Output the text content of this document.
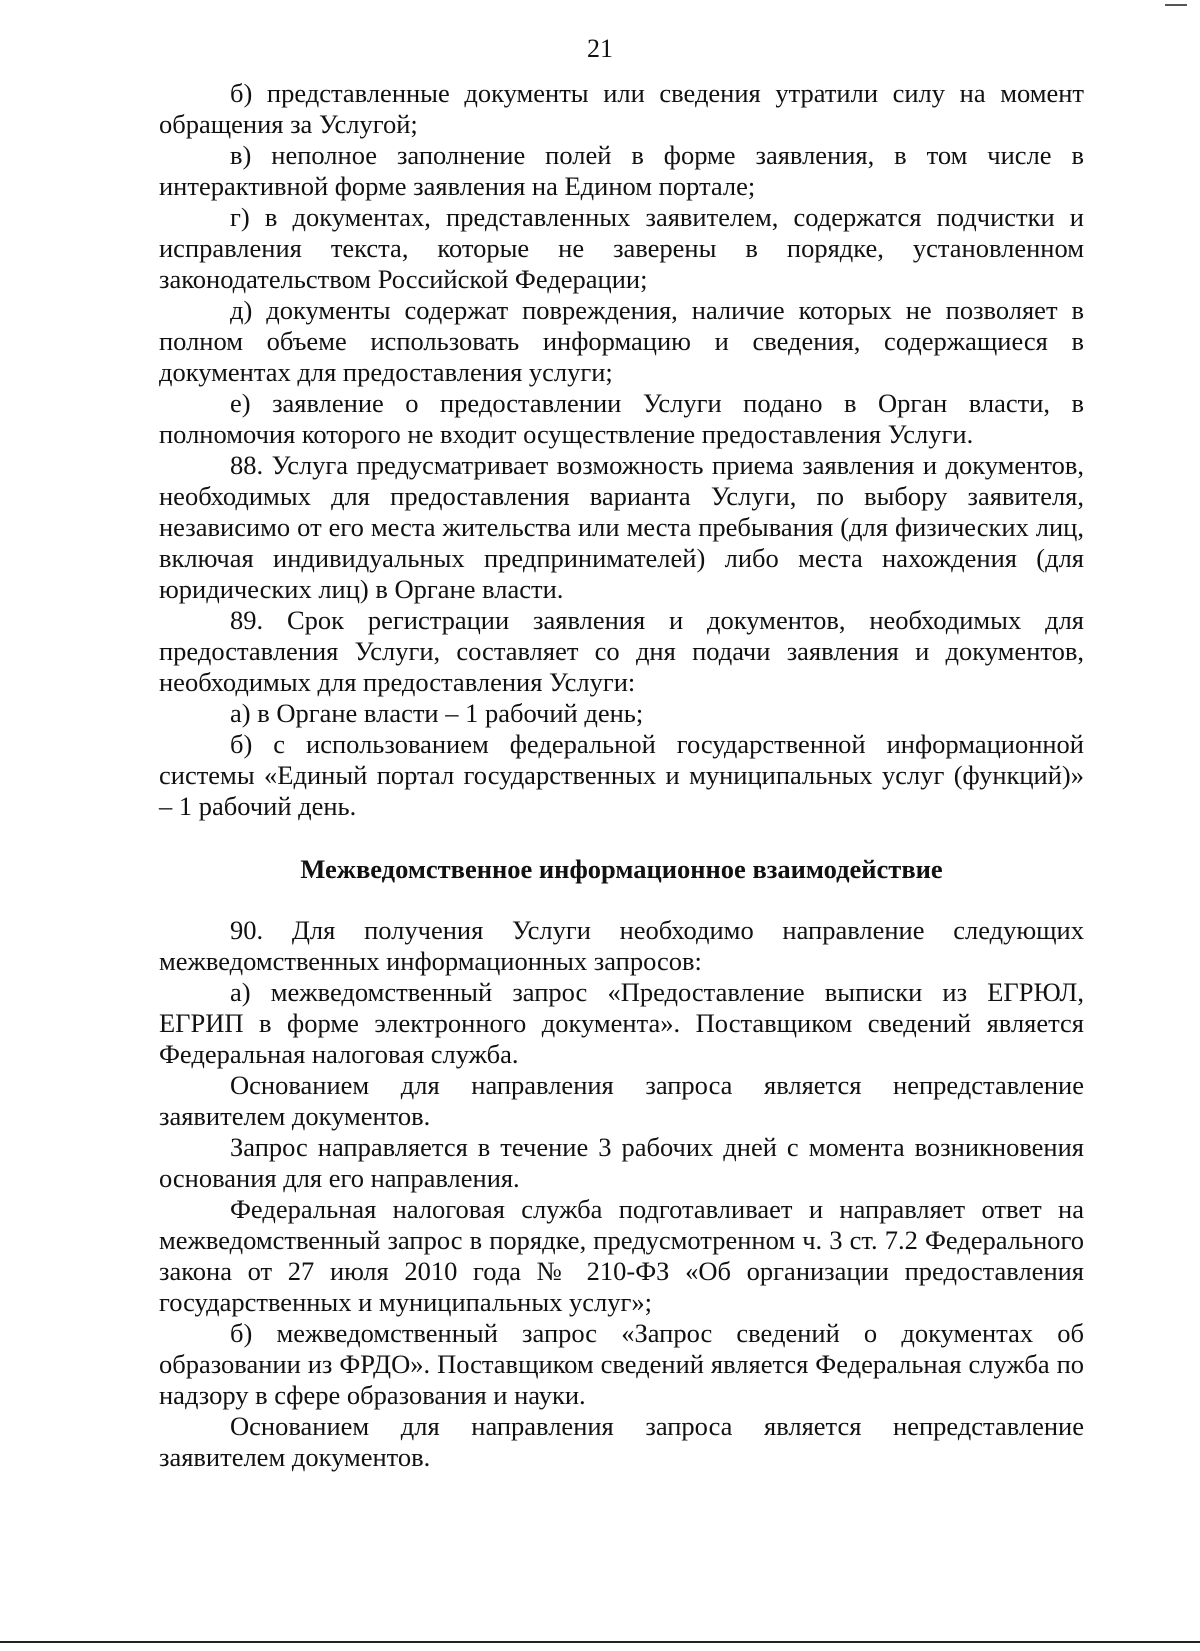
21

б) представленные документы или сведения утратили силу на момент обращения за Услугой;

в) неполное заполнение полей в форме заявления, в том числе в интерактивной форме заявления на Едином портале;

г) в документах, представленных заявителем, содержатся подчистки и исправления текста, которые не заверены в порядке, установленном законодательством Российской Федерации;

д) документы содержат повреждения, наличие которых не позволяет в полном объеме использовать информацию и сведения, содержащиеся в документах для предоставления услуги;

е) заявление о предоставлении Услуги подано в Орган власти, в полномочия которого не входит осуществление предоставления Услуги.

88. Услуга предусматривает возможность приема заявления и документов, необходимых для предоставления варианта Услуги, по выбору заявителя, независимо от его места жительства или места пребывания (для физических лиц, включая индивидуальных предпринимателей) либо места нахождения (для юридических лиц) в Органе власти.

89. Срок регистрации заявления и документов, необходимых для предоставления Услуги, составляет со дня подачи заявления и документов, необходимых для предоставления Услуги:

а) в Органе власти – 1 рабочий день;

б) с использованием федеральной государственной информационной системы «Единый портал государственных и муниципальных услуг (функций)» – 1 рабочий день.

Межведомственное информационное взаимодействие

90. Для получения Услуги необходимо направление следующих межведомственных информационных запросов:

а) межведомственный запрос «Предоставление выписки из ЕГРЮЛ, ЕГРИП в форме электронного документа». Поставщиком сведений является Федеральная налоговая служба.

Основанием для направления запроса является непредставление заявителем документов.

Запрос направляется в течение 3 рабочих дней с момента возникновения основания для его направления.

Федеральная налоговая служба подготавливает и направляет ответ на межведомственный запрос в порядке, предусмотренном ч. 3 ст. 7.2 Федерального закона от 27 июля 2010 года № 210-ФЗ «Об организации предоставления государственных и муниципальных услуг»;

б) межведомственный запрос «Запрос сведений о документах об образовании из ФРДО». Поставщиком сведений является Федеральная служба по надзору в сфере образования и науки.

Основанием для направления запроса является непредставление заявителем документов.
